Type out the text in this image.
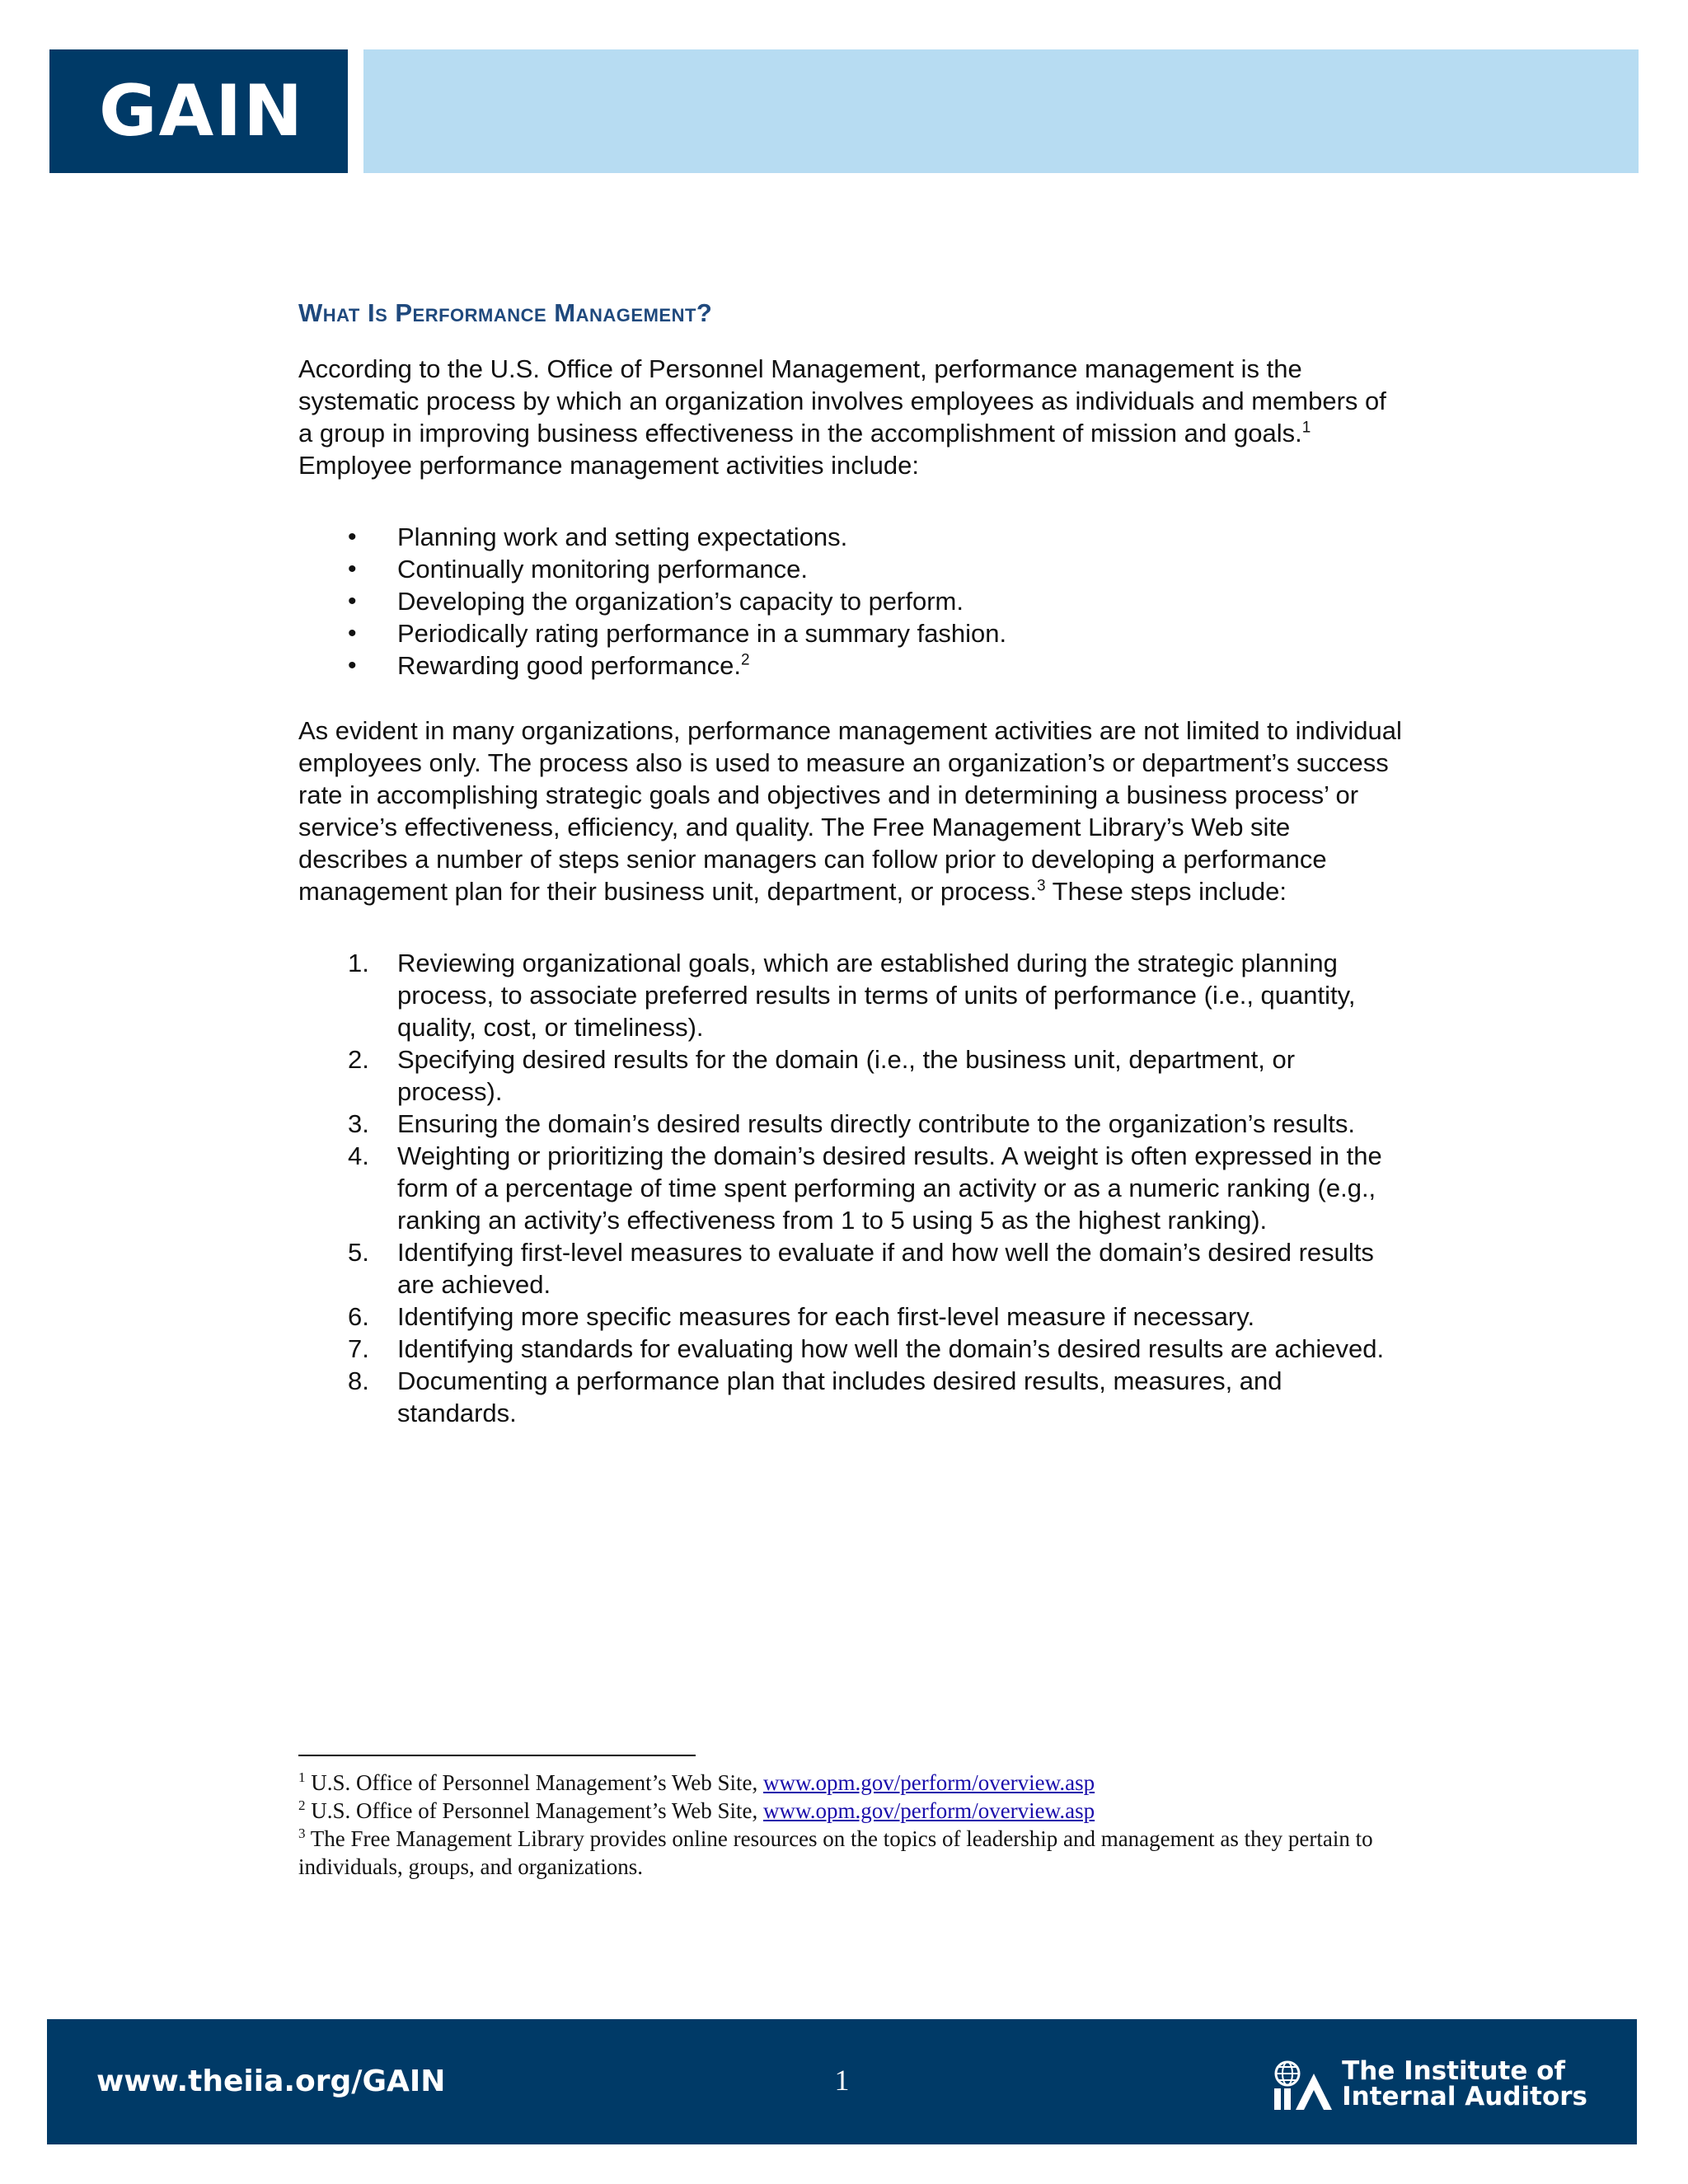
GAIN
What Is Performance Management?

According to the U.S. Office of Personnel Management, performance management is the systematic process by which an organization involves employees as individuals and members of a group in improving business effectiveness in the accomplishment of mission and goals.$^1$ Employee performance management activities include:

• Planning work and setting expectations.
• Continually monitoring performance.
• Developing the organization’s capacity to perform.
• Periodically rating performance in a summary fashion.
• Rewarding good performance.$^2$

As evident in many organizations, performance management activities are not limited to individual employees only. The process also is used to measure an organization’s or department’s success rate in accomplishing strategic goals and objectives and in determining a business process’ or service’s effectiveness, efficiency, and quality. The Free Management Library’s Web site describes a number of steps senior managers can follow prior to developing a performance management plan for their business unit, department, or process.$^3$ These steps include:

1. Reviewing organizational goals, which are established during the strategic planning process, to associate preferred results in terms of units of performance (i.e., quantity, quality, cost, or timeliness).
2. Specifying desired results for the domain (i.e., the business unit, department, or process).
3. Ensuring the domain’s desired results directly contribute to the organization’s results.
4. Weighting or prioritizing the domain’s desired results. A weight is often expressed in the form of a percentage of time spent performing an activity or as a numeric ranking (e.g., ranking an activity’s effectiveness from 1 to 5 using 5 as the highest ranking).
5. Identifying first-level measures to evaluate if and how well the domain’s desired results are achieved.
6. Identifying more specific measures for each first-level measure if necessary.
7. Identifying standards for evaluating how well the domain’s desired results are achieved.
8. Documenting a performance plan that includes desired results, measures, and standards.

$^1$ U.S. Office of Personnel Management’s Web Site, www.opm.gov/perform/overview.asp

$^2$ U.S. Office of Personnel Management’s Web Site, www.opm.gov/perform/overview.asp

$^3$ The Free Management Library provides online resources on the topics of leadership and management as they pertain to individuals, groups, and organizations.

www.theiia.org/GAIN	1	The Institute of
Internal Auditors
